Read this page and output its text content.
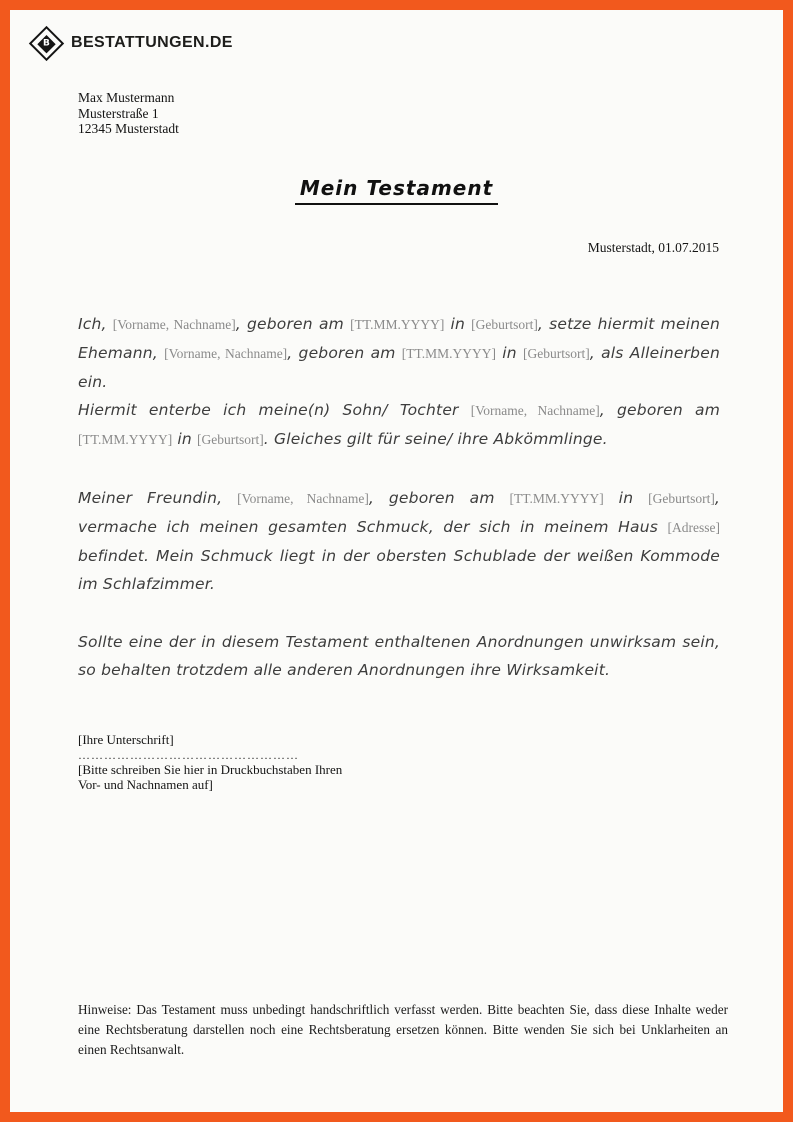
B BESTATTUNGEN.DE
Max Mustermann
Musterstraße 1
12345 Musterstadt
Mein Testament
Musterstadt, 01.07.2015

Ich, [Vorname, Nachname], geboren am [TT.MM.YYYY] in [Geburtsort], setze hiermit meinen Ehemann, [Vorname, Nachname], geboren am [TT.MM.YYYY] in [Geburtsort], als Alleinerben ein.

Hiermit enterbe ich meine(n) Sohn/ Tochter [Vorname, Nachname], geboren am [TT.MM.YYYY] in [Geburtsort]. Gleiches gilt für seine/ ihre Abkömmlinge.

Meiner Freundin, [Vorname, Nachname], geboren am [TT.MM.YYYY] in [Geburtsort], vermache ich meinen gesamten Schmuck, der sich in meinem Haus [Adresse] befindet. Mein Schmuck liegt in der obersten Schublade der weißen Kommode im Schlafzimmer.

Sollte eine der in diesem Testament enthaltenen Anordnungen unwirksam sein, so behalten trotzdem alle anderen Anordnungen ihre Wirksamkeit.

[Ihre Unterschrift]
……………………………………………
[Bitte schreiben Sie hier in Druckbuchstaben Ihren
Vor- und Nachnamen auf]
Hinweise: Das Testament muss unbedingt handschriftlich verfasst werden. Bitte beachten Sie, dass diese Inhalte weder eine Rechtsberatung darstellen noch eine Rechtsberatung ersetzen können. Bitte wenden Sie sich bei Unklarheiten an einen Rechtsanwalt.
